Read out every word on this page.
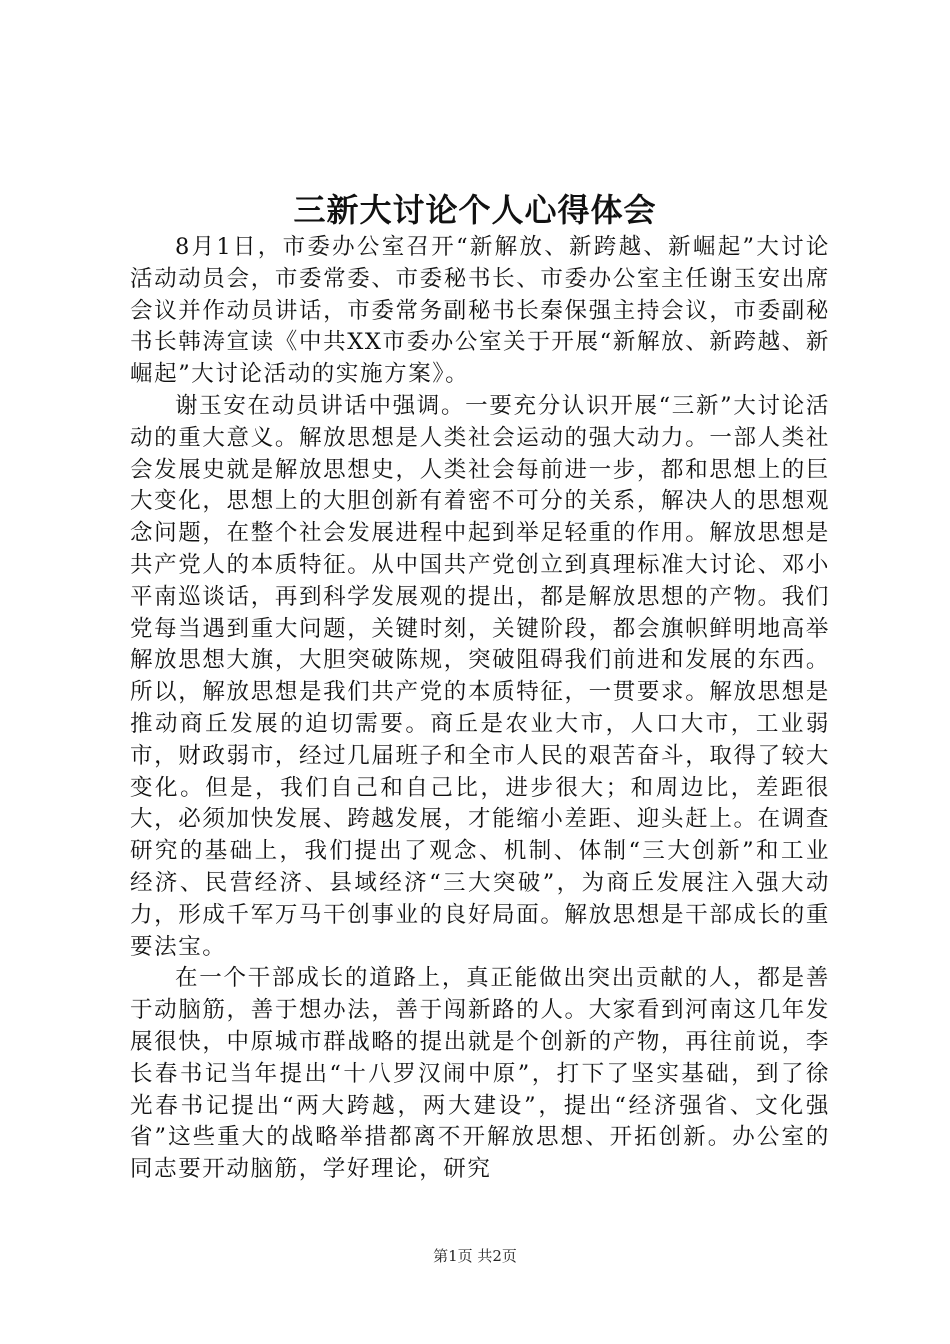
三新大讨论个人心得体会

8月1日，市委办公室召开“新解放、新跨越、新崛起”大讨论活动动员会，市委常委、市委秘书长、市委办公室主任谢玉安出席会议并作动员讲话，市委常务副秘书长秦保强主持会议，市委副秘书长韩涛宣读《中共XX市委办公室关于开展“新解放、新跨越、新崛起”大讨论活动的实施方案》。

谢玉安在动员讲话中强调。一要充分认识开展“三新”大讨论活动的重大意义。解放思想是人类社会运动的强大动力。一部人类社会发展史就是解放思想史，人类社会每前进一步，都和思想上的巨大变化，思想上的大胆创新有着密不可分的关系，解决人的思想观念问题，在整个社会发展进程中起到举足轻重的作用。解放思想是共产党人的本质特征。从中国共产党创立到真理标准大讨论、邓小平南巡谈话，再到科学发展观的提出，都是解放思想的产物。我们党每当遇到重大问题，关键时刻，关键阶段，都会旗帜鲜明地高举解放思想大旗，大胆突破陈规，突破阻碍我们前进和发展的东西。所以，解放思想是我们共产党的本质特征，一贯要求。解放思想是推动商丘发展的迫切需要。商丘是农业大市，人口大市，工业弱市，财政弱市，经过几届班子和全市人民的艰苦奋斗，取得了较大变化。但是，我们自己和自己比，进步很大；和周边比，差距很大，必须加快发展、跨越发展，才能缩小差距、迎头赶上。在调查研究的基础上，我们提出了观念、机制、体制“三大创新”和工业经济、民营经济、县域经济“三大突破”，为商丘发展注入强大动力，形成千军万马干创事业的良好局面。解放思想是干部成长的重要法宝。

在一个干部成长的道路上，真正能做出突出贡献的人，都是善于动脑筋，善于想办法，善于闯新路的人。大家看到河南这几年发展很快，中原城市群战略的提出就是个创新的产物，再往前说，李长春书记当年提出“十八罗汉闹中原”，打下了坚实基础，到了徐光春书记提出“两大跨越，两大建设”，提出“经济强省、文化强省”这些重大的战略举措都离不开解放思想、开拓创新。办公室的同志要开动脑筋，学好理论，研究

第1页 共2页
